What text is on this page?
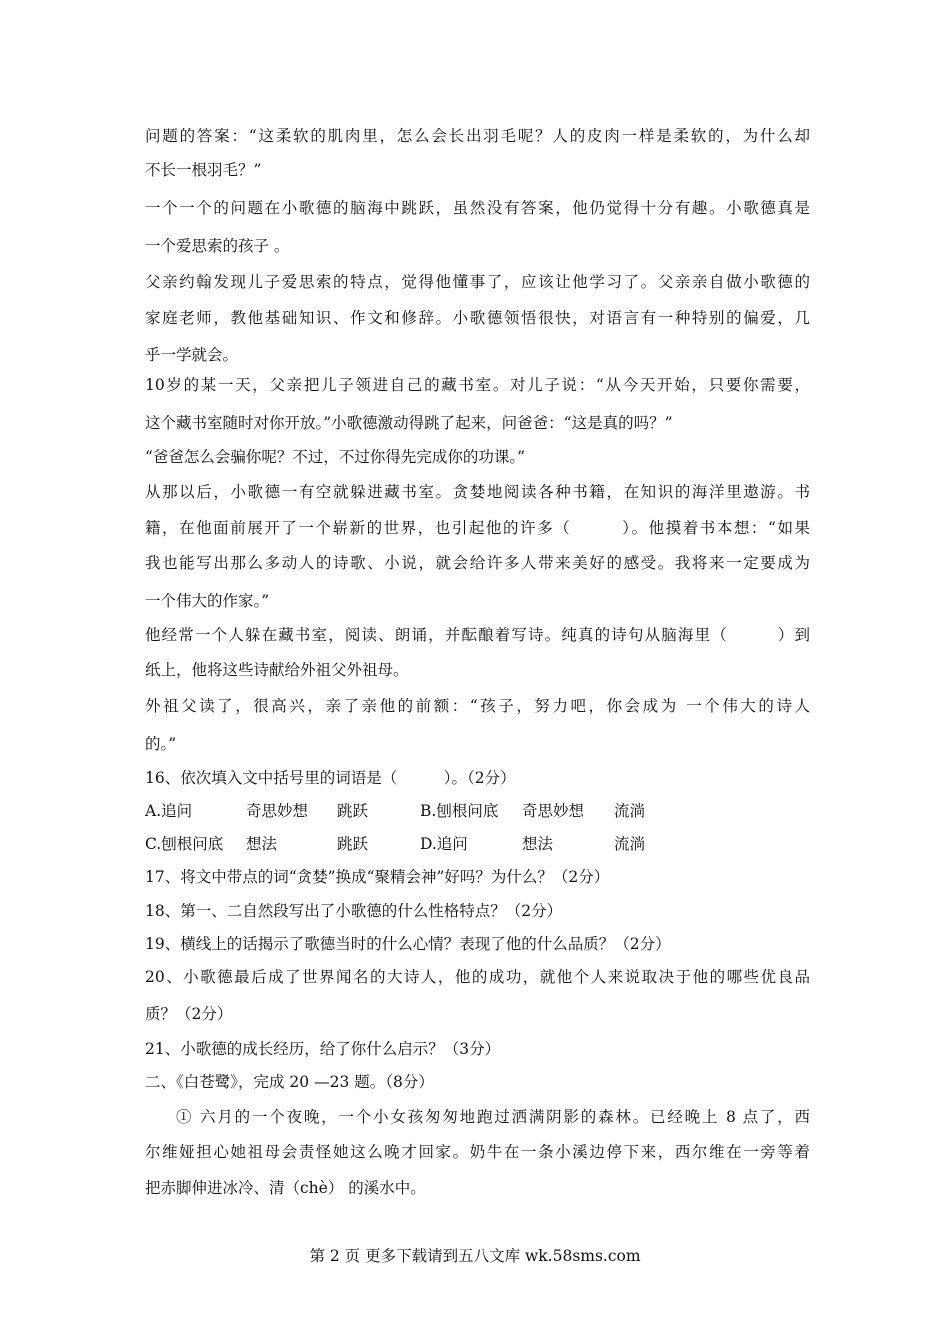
问题的答案：“这柔软的肌肉里，怎么会长出羽毛呢？人的皮肉一样是柔软的，为什么却
不长一根羽毛？”
一个一个的问题在小歌德的脑海中跳跃，虽然没有答案，他仍觉得十分有趣。小歌德真是
一个爱思索的孩子 。
父亲约翰发现儿子爱思索的特点，觉得他懂事了，应该让他学习了。父亲亲自做小歌德的
家庭老师，教他基础知识、作文和修辞。小歌德领悟很快，对语言有一种特别的偏爱，几
乎一学就会。
10岁的某一天，父亲把儿子领进自己的藏书室。对儿子说：“从今天开始，只要你需要，
这个藏书室随时对你开放。”小歌德激动得跳了起来，问爸爸：“这是真的吗？”
“爸爸怎么会骗你呢？不过，不过你得先完成你的功课。”
从那以后，小歌德一有空就躲进藏书室。贪婪地阅读各种书籍，在知识的海洋里遨游。书
籍，在他面前展开了一个崭新的世界，也引起他的许多（　　　）。他摸着书本想：“如果
我也能写出那么多动人的诗歌、小说，就会给许多人带来美好的感受。我将来一定要成为
一个伟大的作家。”
他经常一个人躲在藏书室，阅读、朗诵，并酝酿着写诗。纯真的诗句从脑海里（　　　）到
纸上，他将这些诗献给外祖父外祖母。
外祖父读了，很高兴，亲了亲他的前额：“孩子，努力吧，你会成为 一个伟大的诗人
的。”
16、依次填入文中括号里的词语是（　　　）。（2分）
A.追问	奇思妙想 跳跃	B.刨根问底 奇思妙想 流淌
C.刨根问底 想法	跳跃	D.追问	想法	流淌
17、将文中带点的词“贪婪”换成“聚精会神”好吗？为什么？（2分）
18、第一、二自然段写出了小歌德的什么性格特点？（2分）
19、横线上的话揭示了歌德当时的什么心情？表现了他的什么品质？（2分）
20、小歌德最后成了世界闻名的大诗人，他的成功，就他个人来说取决于他的哪些优良品
质？（2分）
21、小歌德的成长经历，给了你什么启示？（3分）
二、《白苍鹭》，完成 20 —23 题。（8分）
① 六月的一个夜晚，一个小女孩匆匆地跑过洒满阴影的森林。已经晚上 8 点了，西
尔维娅担心她祖母会责怪她这么晚才回家。奶牛在一条小溪边停下来，西尔维在一旁等着
把赤脚伸进冰冷、清（chè） 的溪水中。
第 2 页 更多下载请到五八文库 wk.58sms.com
